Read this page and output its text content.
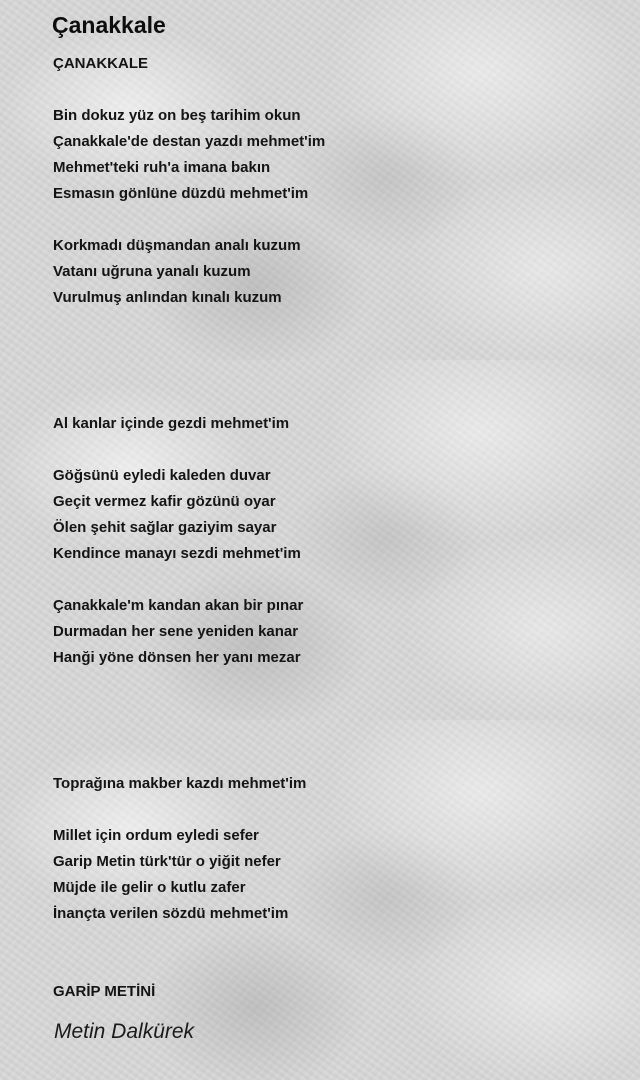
Çanakkale

ÇANAKKALE

Bin dokuz yüz on beş tarihim okun

Çanakkale'de destan yazdı mehmet'im

Mehmet'teki ruh'a imana bakın

Esmasın gönlüne düzdü mehmet'im

Korkmadı düşmandan analı kuzum

Vatanı uğruna yanalı kuzum

Vurulmuş anlından kınalı kuzum

Al kanlar içinde gezdi mehmet'im

Göğsünü eyledi kaleden duvar

Geçit vermez kafir gözünü oyar

Ölen şehit sağlar gaziyim sayar

Kendince manayı sezdi mehmet'im

Çanakkale'm kandan akan bir pınar

Durmadan her sene yeniden kanar

Hanği yöne dönsen her yanı mezar

Toprağına makber kazdı mehmet'im

Millet için ordum eyledi sefer

Garip Metin türk'tür o yiğit nefer

Müjde ile gelir o kutlu zafer

İnançta verilen sözdü mehmet'im

GARİP METİNİ

Metin Dalkürek
